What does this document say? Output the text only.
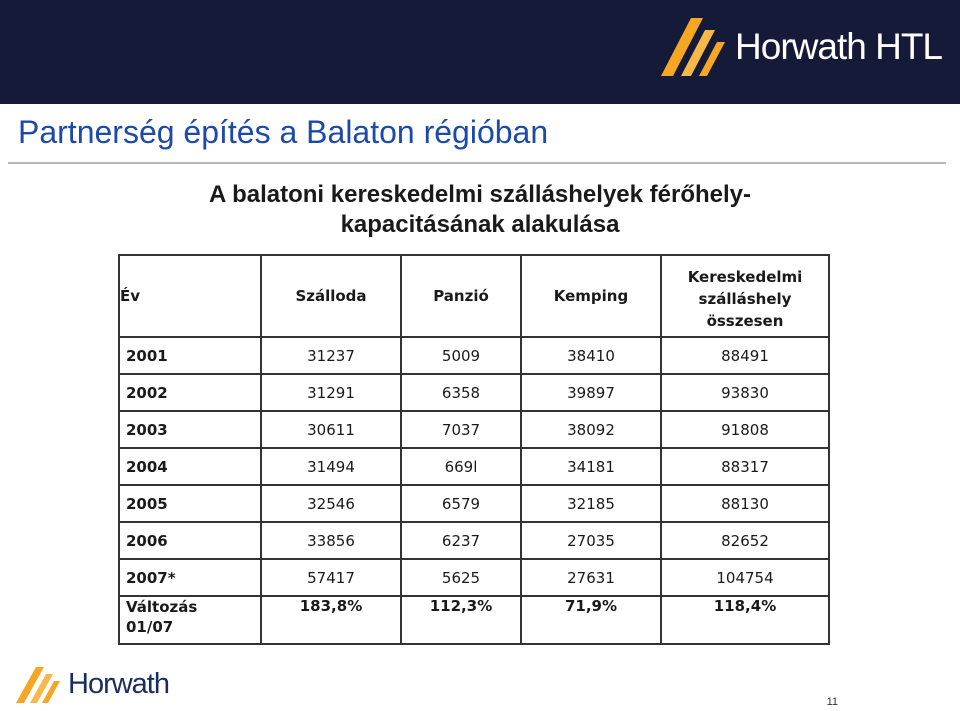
Horwath HTL
Partnerség építés a Balaton régióban
A balatoni kereskedelmi szálláshelyek férőhely-
kapacitásának alakulása
Év	Szálloda	Panzió	Kemping	Kereskedelmi
szálláshely
összesen

2001	31237	5009	38410	88491
2002	31291	6358	39897	93830
2003	30611	7037	38092	91808
2004	31494	669l	34181	88317
2005	32546	6579	32185	88130
2006	33856	6237	27035	82652
2007*	57417	5625	27631	104754

Változás
01/07	183,8%	112,3%	71,9%	118,4%
Horwath
11
